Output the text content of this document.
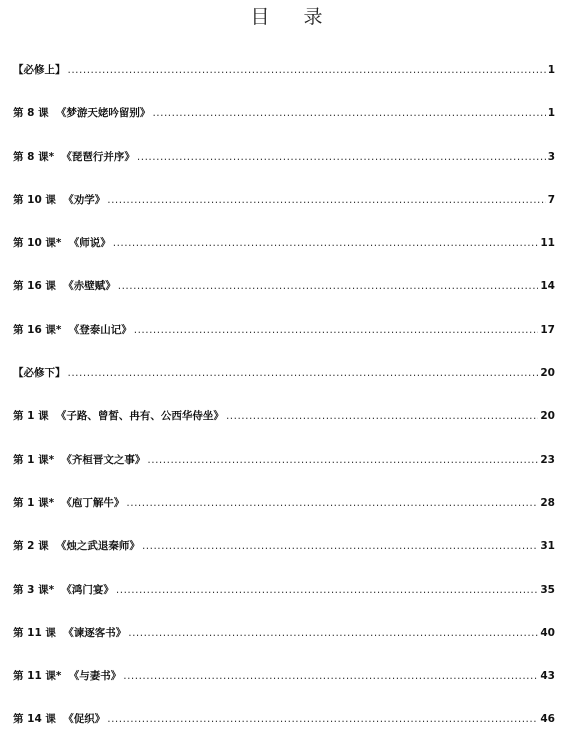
目 录
【必修上】 .....	1
第 8 课  《梦游天姥吟留别》 .....	1
第 8 课*  《琵琶行并序》 .....	3
第 10 课  《劝学》 .....	7
第 10 课*  《师说》 .....	11
第 16 课  《赤壁赋》 .....	14
第 16 课*  《登泰山记》 .....	17
【必修下】 .....	20
第 1 课  《子路、曾皙、冉有、公西华侍坐》 .....	20
第 1 课*  《齐桓晋文之事》 .....	23
第 1 课*  《庖丁解牛》 .....	28
第 2 课  《烛之武退秦师》 .....	31
第 3 课*  《鸿门宴》 .....	35
第 11 课  《谏逐客书》 .....	40
第 11 课*  《与妻书》 .....	43
第 14 课  《促织》 .....	46
